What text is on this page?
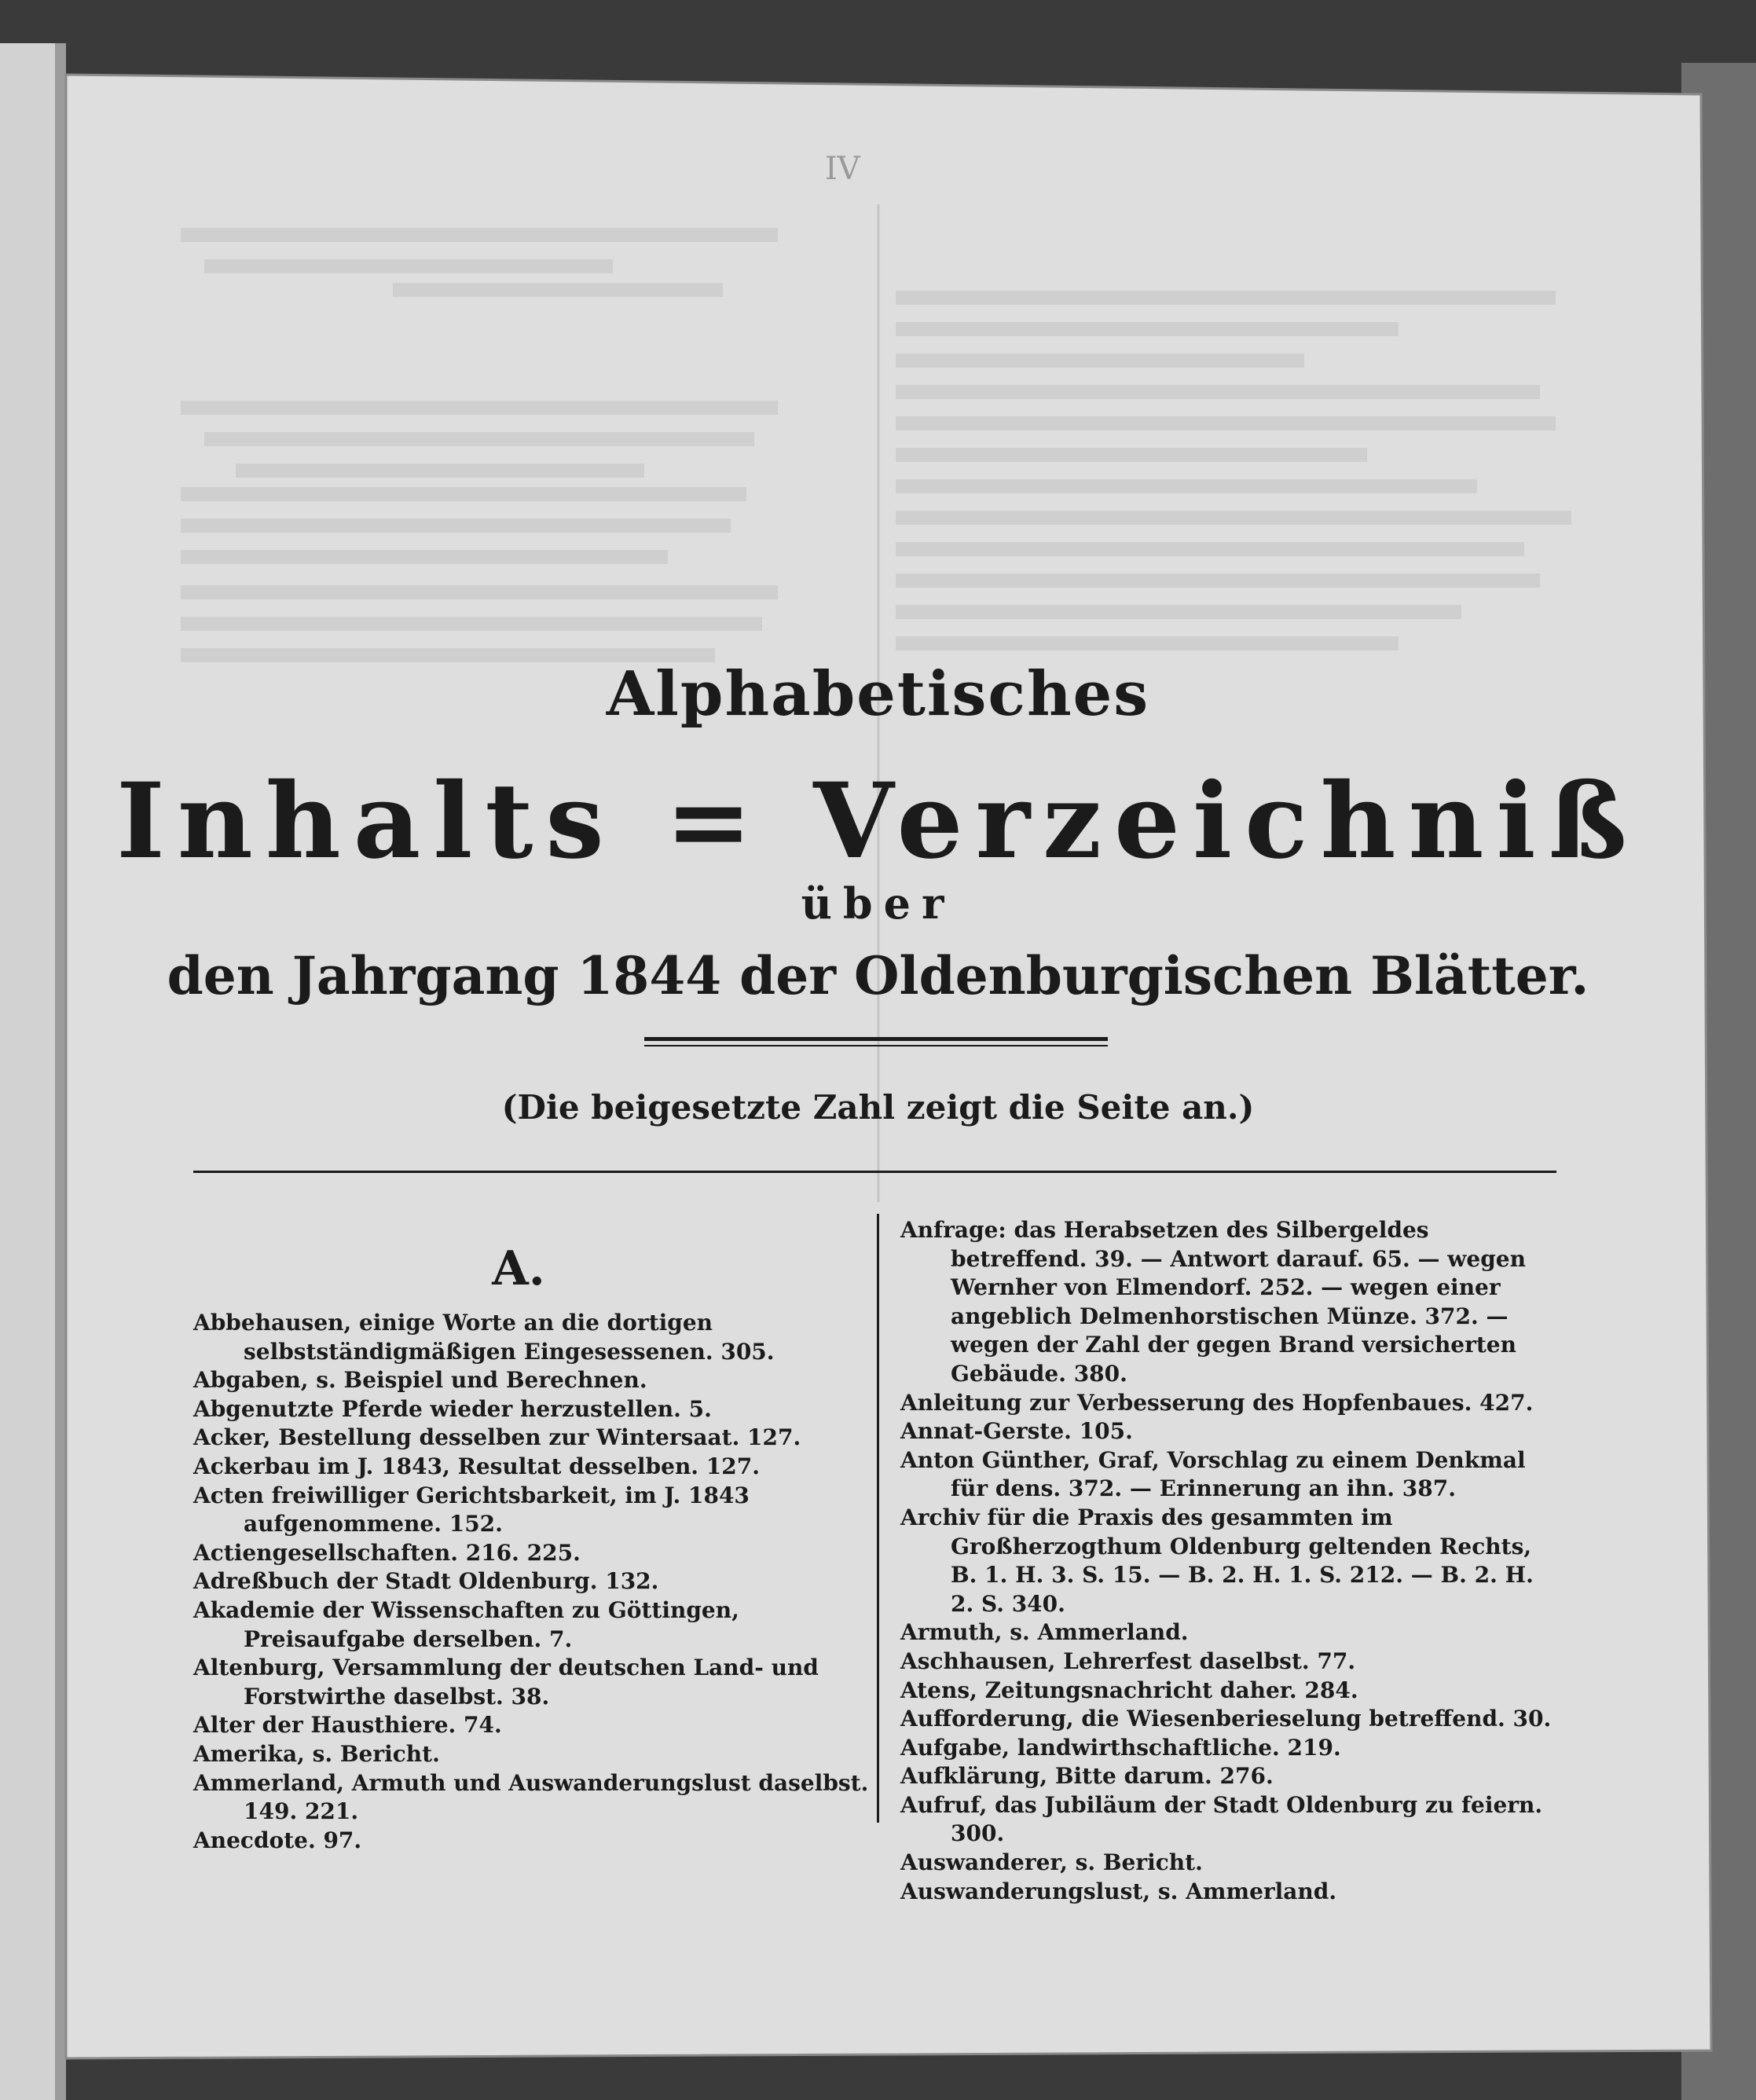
IV
Alphabetisches
Inhalts = Verzeichniß
über
den Jahrgang 1844 der Oldenburgischen Blätter.
(Die beigesetzte Zahl zeigt die Seite an.)
A.
Abbehausen, einige Worte an die dortigen selbstständigmäßigen Eingesessenen. 305.
Abgaben, s. Beispiel und Berechnen.
Abgenutzte Pferde wieder herzustellen. 5.
Acker, Bestellung desselben zur Wintersaat. 127.
Ackerbau im J. 1843, Resultat desselben. 127.
Acten freiwilliger Gerichtsbarkeit, im J. 1843 aufgenommene. 152.
Actiengesellschaften. 216. 225.
Adreßbuch der Stadt Oldenburg. 132.
Akademie der Wissenschaften zu Göttingen, Preisaufgabe derselben. 7.
Altenburg, Versammlung der deutschen Land- und Forstwirthe daselbst. 38.
Alter der Hausthiere. 74.
Amerika, s. Bericht.
Ammerland, Armuth und Auswanderungslust daselbst. 149. 221.
Anecdote. 97.
Anfrage: das Herabsetzen des Silbergeldes betreffend. 39. — Antwort darauf. 65. — wegen Wernher von Elmendorf. 252. — wegen einer angeblich Delmenhorstischen Münze. 372. — wegen der Zahl der gegen Brand versicherten Gebäude. 380.
Anleitung zur Verbesserung des Hopfenbaues. 427.
Annat-Gerste. 105.
Anton Günther, Graf, Vorschlag zu einem Denkmal für dens. 372. — Erinnerung an ihn. 387.
Archiv für die Praxis des gesammten im Großherzogthum Oldenburg geltenden Rechts, B. 1. H. 3. S. 15. — B. 2. H. 1. S. 212. — B. 2. H. 2. S. 340.
Armuth, s. Ammerland.
Aschhausen, Lehrerfest daselbst. 77.
Atens, Zeitungsnachricht daher. 284.
Aufforderung, die Wiesenberieselung betreffend. 30.
Aufgabe, landwirthschaftliche. 219.
Aufklärung, Bitte darum. 276.
Aufruf, das Jubiläum der Stadt Oldenburg zu feiern. 300.
Auswanderer, s. Bericht.
Auswanderungslust, s. Ammerland.
